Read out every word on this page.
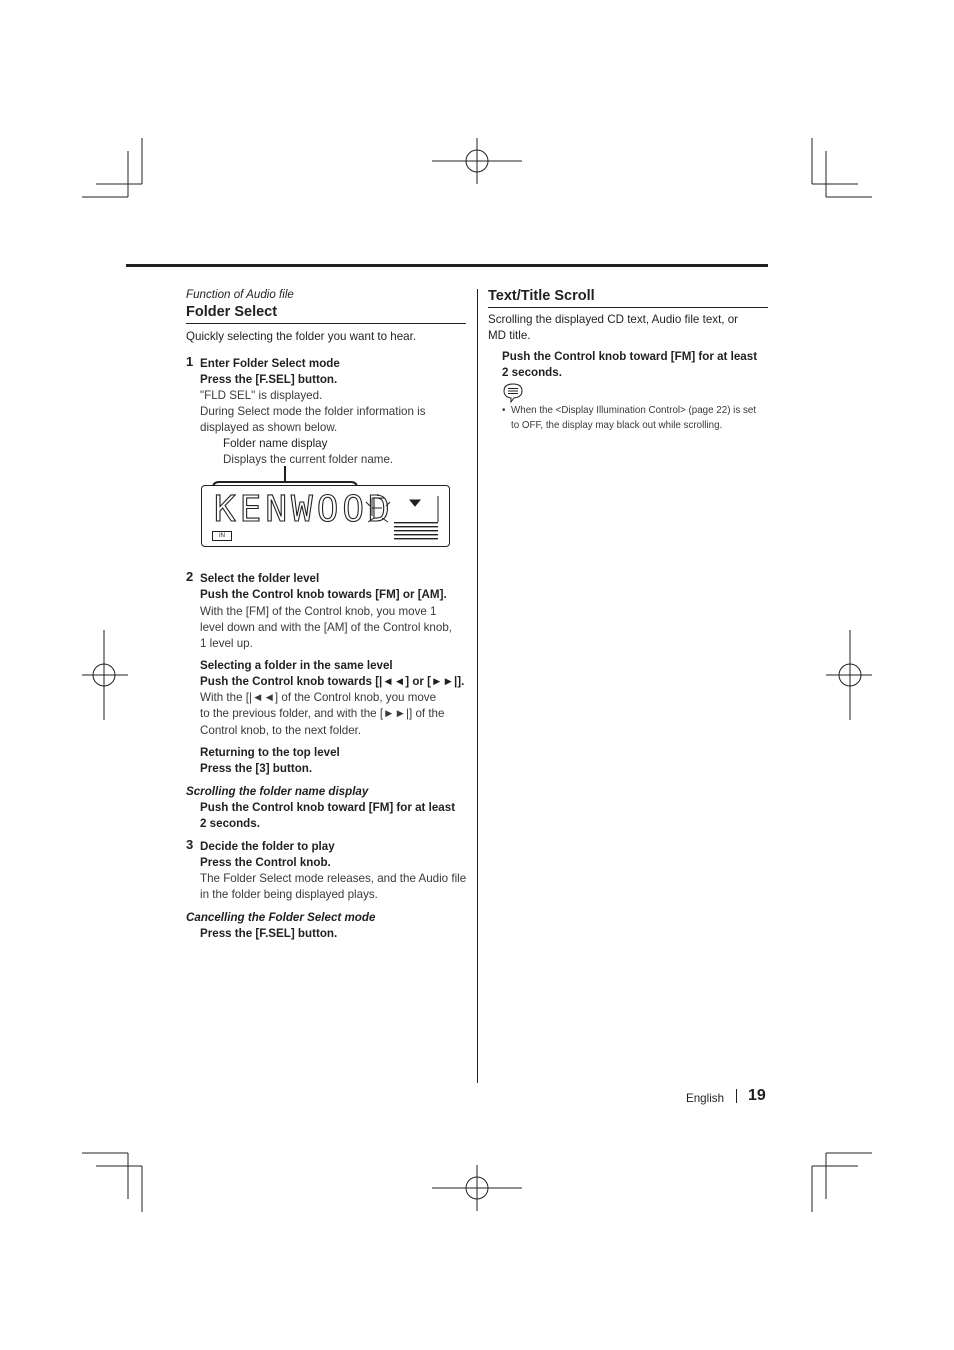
Function of Audio file
Folder Select
Quickly selecting the folder you want to hear.
1 Enter Folder Select mode
Press the [F.SEL] button.
"FLD SEL" is displayed.
During Select mode the folder information is
displayed as shown below.
Folder name display
Displays the current folder name.
KENWOOD
IN
2 Select the folder level
Push the Control knob towards [FM] or [AM].
With the [FM] of the Control knob, you move 1
level down and with the [AM] of the Control knob,
1 level up.
Selecting a folder in the same level
Push the Control knob towards [|◄◄] or [►►|].
With the [|◄◄] of the Control knob, you move
to the previous folder, and with the [►►|] of the
Control knob, to the next folder.
Returning to the top level
Press the [3] button.
Scrolling the folder name display
Push the Control knob toward [FM] for at least
2 seconds.
3 Decide the folder to play
Press the Control knob.
The Folder Select mode releases, and the Audio file
in the folder being displayed plays.
Cancelling the Folder Select mode
Press the [F.SEL] button.
Text/Title Scroll
Scrolling the displayed CD text, Audio file text, or
MD title.
Push the Control knob toward [FM] for at least
2 seconds.
• When the <Display Illumination Control> (page 22) is set
to OFF, the display may black out while scrolling.
English 19
